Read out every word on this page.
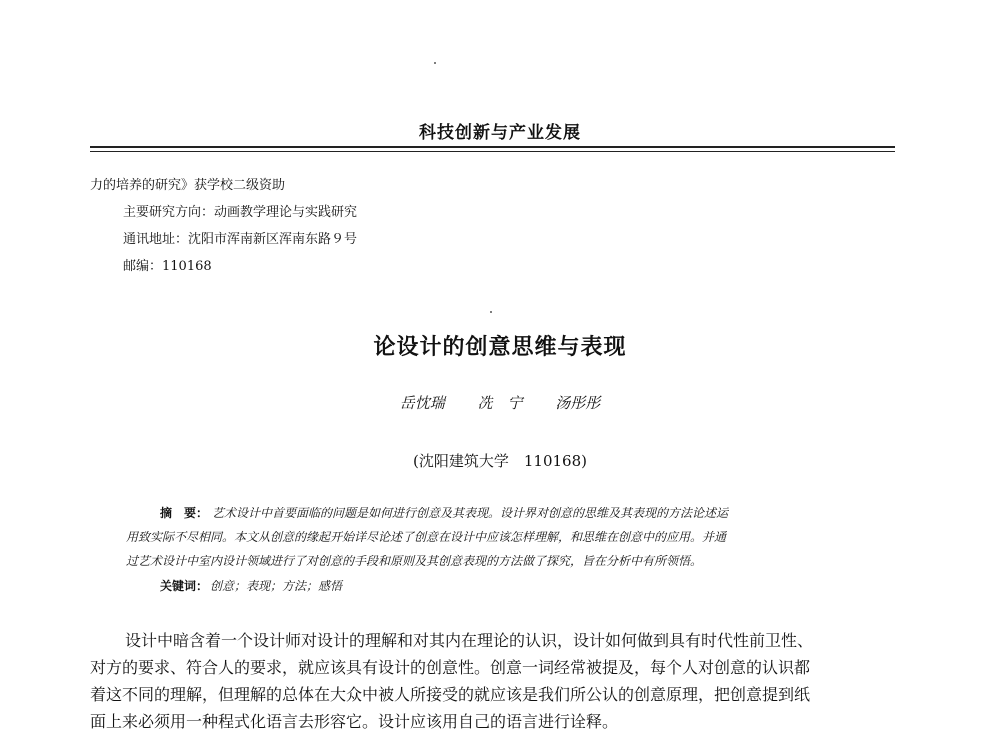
科技创新与产业发展
力的培养的研究》获学校二级资助
主要研究方向：动画教学理论与实践研究
通讯地址：沈阳市浑南新区浑南东路９号
邮编：110168
论设计的创意思维与表现
岳忱瑞 冼　宁 汤彤彤
(沈阳建筑大学　110168)
摘　要： 艺术设计中首要面临的问题是如何进行创意及其表现。设计界对创意的思维及其表现的方法论述运
用致实际不尽相同。本文从创意的缘起开始详尽论述了创意在设计中应该怎样理解，和思维在创意中的应用。并通
过艺术设计中室内设计领域进行了对创意的手段和原则及其创意表现的方法做了探究，旨在分析中有所领悟。
关键词： 创意；表现；方法；感悟
设计中暗含着一个设计师对设计的理解和对其内在理论的认识，设计如何做到具有时代性前卫性、
对方的要求、符合人的要求，就应该具有设计的创意性。创意一词经常被提及，每个人对创意的认识都
着这不同的理解，但理解的总体在大众中被人所接受的就应该是我们所公认的创意原理，把创意提到纸
面上来必须用一种程式化语言去形容它。设计应该用自己的语言进行诠释。
